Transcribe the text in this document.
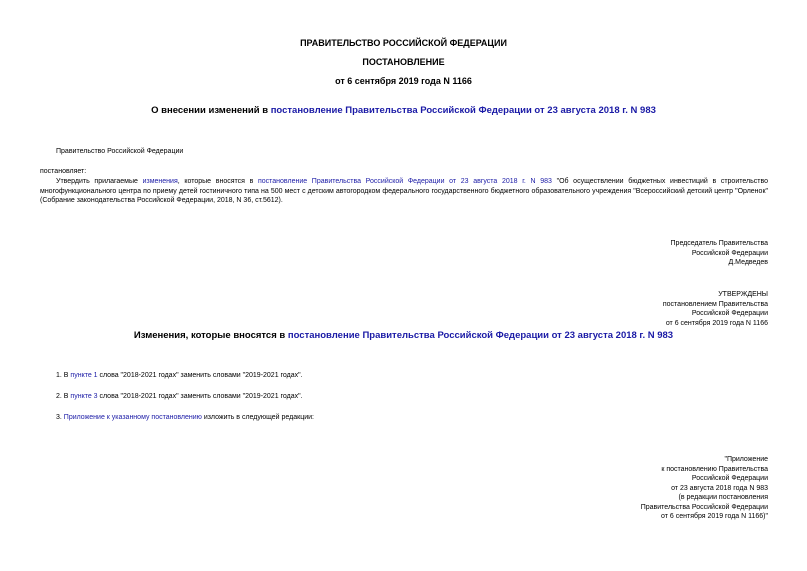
ПРАВИТЕЛЬСТВО РОССИЙСКОЙ ФЕДЕРАЦИИ
ПОСТАНОВЛЕНИЕ
от 6 сентября 2019 года N 1166
О внесении изменений в постановление Правительства Российской Федерации от 23 августа 2018 г. N 983
Правительство Российской Федерации
постановляет:
Утвердить прилагаемые изменения, которые вносятся в постановление Правительства Российской Федерации от 23 августа 2018 г. N 983 "Об осуществлении бюджетных инвестиций в строительство многофункционального центра по приему детей гостиничного типа на 500 мест с детским автогородком федерального государственного бюджетного образовательного учреждения "Всероссийский детский центр "Орленок" (Собрание законодательства Российской Федерации, 2018, N 36, ст.5612).
Председатель Правительства
Российской Федерации
Д.Медведев
УТВЕРЖДЕНЫ
постановлением Правительства
Российской Федерации
от 6 сентября 2019 года N 1166
Изменения, которые вносятся в постановление Правительства Российской Федерации от 23 августа 2018 г. N 983
1. В пункте 1 слова "2018-2021 годах" заменить словами "2019-2021 годах".
2. В пункте 3 слова "2018-2021 годах" заменить словами "2019-2021 годах".
3. Приложение к указанному постановлению изложить в следующей редакции:
"Приложение
к постановлению Правительства
Российской Федерации
от 23 августа 2018 года N 983
(в редакции постановления
Правительства Российской Федерации
от 6 сентября 2019 года N 1166)"
